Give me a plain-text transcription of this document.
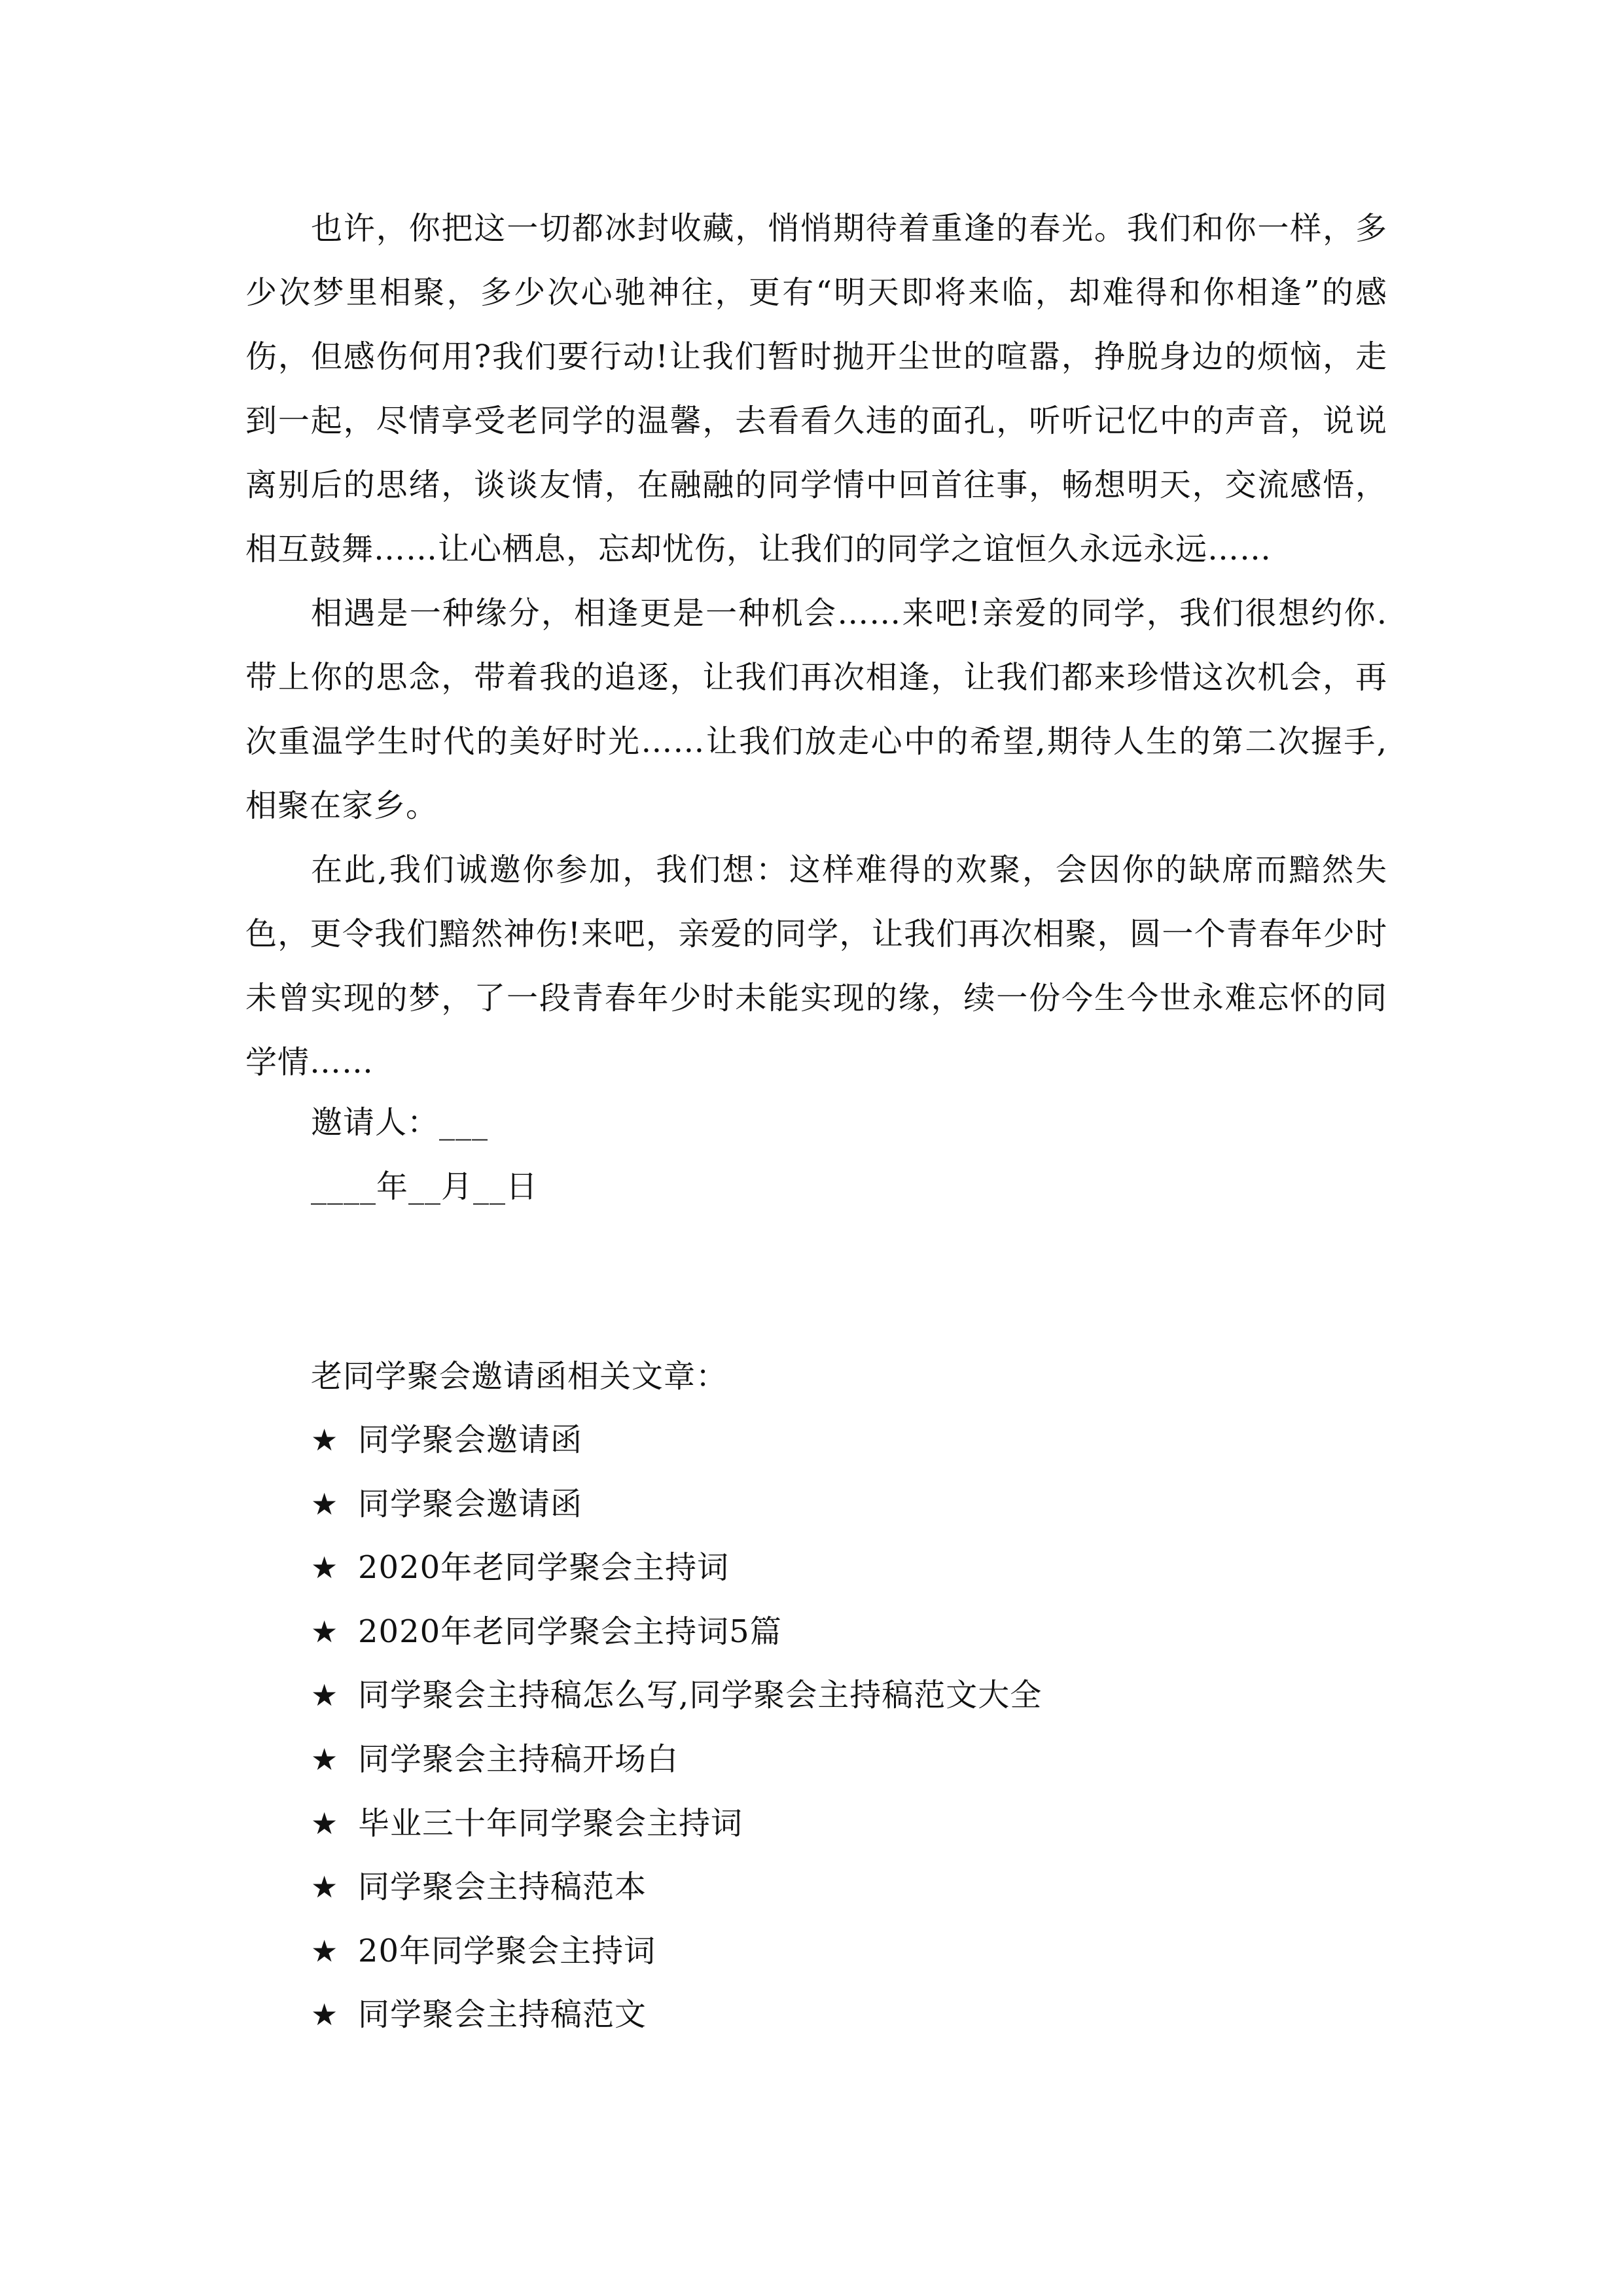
也许，你把这一切都冰封收藏，悄悄期待着重逢的春光。我们和你一样，多少次梦里相聚，多少次心驰神往，更有“明天即将来临，却难得和你相逢”的感伤，但感伤何用?我们要行动!让我们暂时抛开尘世的喧嚣，挣脱身边的烦恼，走到一起，尽情享受老同学的温馨，去看看久违的面孔，听听记忆中的声音，说说离别后的思绪，谈谈友情，在融融的同学情中回首往事，畅想明天，交流感悟，相互鼓舞……让心栖息，忘却忧伤，让我们的同学之谊恒久永远永远……

相遇是一种缘分，相逢更是一种机会……来吧!亲爱的同学，我们很想约你.带上你的思念，带着我的追逐，让我们再次相逢，让我们都来珍惜这次机会，再次重温学生时代的美好时光……让我们放走心中的希望,期待人生的第二次握手,相聚在家乡。

在此,我们诚邀你参加，我们想：这样难得的欢聚，会因你的缺席而黯然失色，更令我们黯然神伤!来吧，亲爱的同学，让我们再次相聚，圆一个青春年少时未曾实现的梦，了一段青春年少时未能实现的缘，续一份今生今世永难忘怀的同学情……

邀请人：___
____年__月__日
老同学聚会邀请函相关文章：
★ 同学聚会邀请函
★ 同学聚会邀请函
★ 2020年老同学聚会主持词
★ 2020年老同学聚会主持词5篇
★ 同学聚会主持稿怎么写,同学聚会主持稿范文大全
★ 同学聚会主持稿开场白
★ 毕业三十年同学聚会主持词
★ 同学聚会主持稿范本
★ 20年同学聚会主持词
★ 同学聚会主持稿范文
